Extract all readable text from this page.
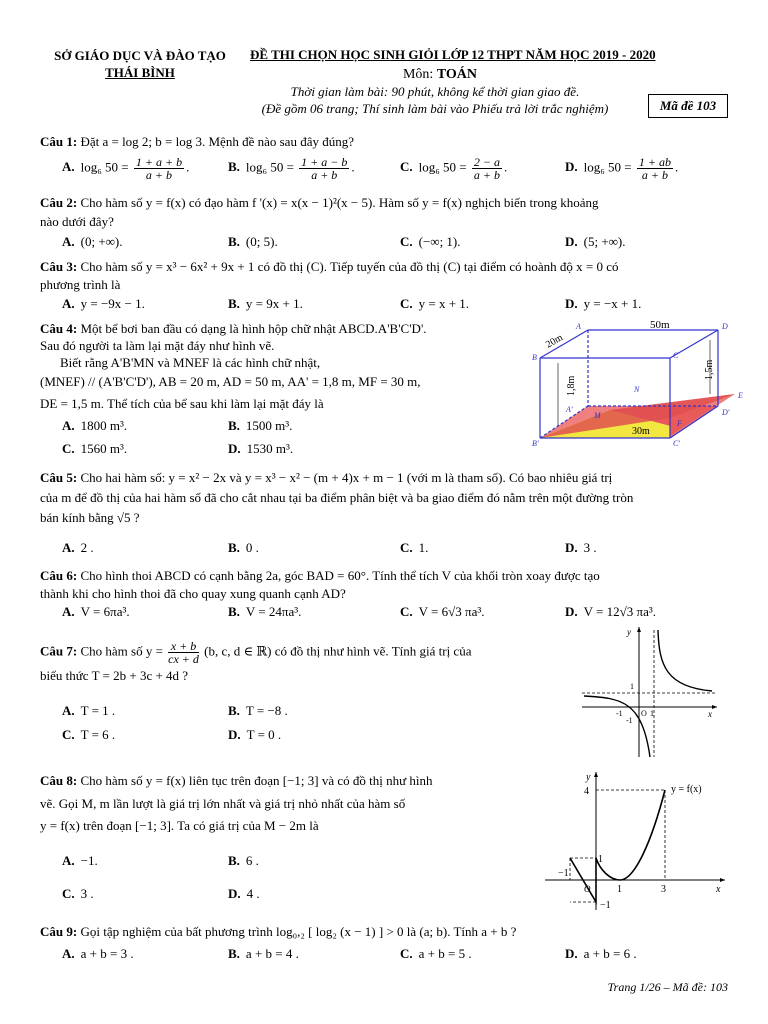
SỞ GIÁO DỤC VÀ ĐÀO TẠO
THÁI BÌNH
ĐỀ THI CHỌN HỌC SINH GIỎI LỚP 12 THPT NĂM HỌC 2019 - 2020
Môn: TOÁN
Thời gian làm bài: 90 phút, không kể thời gian giao đề.
(Đề gồm 06 trang; Thí sinh làm bài vào Phiếu trả lời trắc nghiệm)	Mã đề 103
Câu 1: Đặt a = log 2; b = log 3. Mệnh đề nào sau đây đúng?
A. log₆ $50 = \frac{1 + a + b}{a + b}$ .	B. log₆ $50 = \frac{1 + a - b}{a + b}$ .	C. log₆ $50 = \frac{2 - a}{a + b}$ .	D. log₆ $50 = \frac{1 + ab}{a + b}$ .
Câu 2: Cho hàm số y = f(x) có đạo hàm f '(x) = x(x − 1)²(x − 5). Hàm số y = f(x) nghịch biến trong khoảng
nào dưới đây?
A. (0; +∞).	B. (0; 5).	C. (−∞; 1).	D. (5; +∞).
Câu 3: Cho hàm số y = x³ − 6x² + 9x + 1 có đồ thị (C). Tiếp tuyến của đồ thị (C) tại điểm có hoành độ x = 0 có
phương trình là
A. y = −9x − 1.	B. y = 9x + 1.	C. y = x + 1.	D. y = −x + 1.
Câu 4: Một bể bơi ban đầu có dạng là hình hộp chữ nhật ABCD.A'B'C'D'.
Sau đó người ta làm lại mặt đáy như hình vẽ.
Biết rằng A'B'MN và MNEF là các hình chữ nhật,
(MNEF) // (A'B'C'D'), AB = 20 m, AD = 50 m, AA' = 1,8 m, MF = 30 m,
DE = 1,5 m. Thể tích của bể sau khi làm lại mặt đáy là
A. 1800 m³.	B. 1500 m³.
C. 1560 m³.	D. 1530 m³.
50m
20m
1,8m
1,5m
30m
A	D
B	C
A'	D'
B'	C'
M
N
E
F
Câu 5: Cho hai hàm số: y = x² − 2x và y = x³ − x² − (m + 4)x + m − 1 (với m là tham số). Có bao nhiêu giá trị
của m để đồ thị của hai hàm số đã cho cắt nhau tại ba điểm phân biệt và ba giao điểm đó nằm trên một đường tròn
bán kính bằng √5 ?
A. 2 .	B. 0 .	C. 1.	D. 3 .
Câu 6: Cho hình thoi ABCD có cạnh bằng 2a, góc BAD = 60°. Tính thể tích V của khối tròn xoay được tạo
thành khi cho hình thoi đã cho quay xung quanh cạnh AD?
A. V = 6πa³.	B. V = 24πa³.	C. V = 6√3 πa³.	D. V = 12√3 πa³.
Câu 7: Cho hàm số $y = \frac{x + b}{cx + d} (b$, c, d ∈ ℝ) có đồ thị như hình vẽ. Tính giá trị của
biểu thức T = 2b + 3c + 4d ?
A. T = 1 .	B. T = −8 .
C. T = 6 .	D. T = 0 .
y
x
O
1
1
-1
-1
Câu 8: Cho hàm số y = f(x) liên tục trên đoạn [−1; 3] và có đồ thị như hình
vẽ. Gọi M, m lần lượt là giá trị lớn nhất và giá trị nhỏ nhất của hàm số
y = f(x) trên đoạn [−1; 3]. Ta có giá trị của M − 2m là
A. −1.	B. 6 .
C. 3 .	D. 4 .
y
x
O
4
3
1
1
−1
−1
y = f(x)
Câu 9: Gọi tập nghiệm của bất phương trình log₀,₂ [ log₂ (x − 1) ] > 0 là (a; b). Tính a + b ?
A. a + b = 3 .	B. a + b = 4 .	C. a + b = 5 .	D. a + b = 6 .
Trang 1/26 – Mã đề: 103
